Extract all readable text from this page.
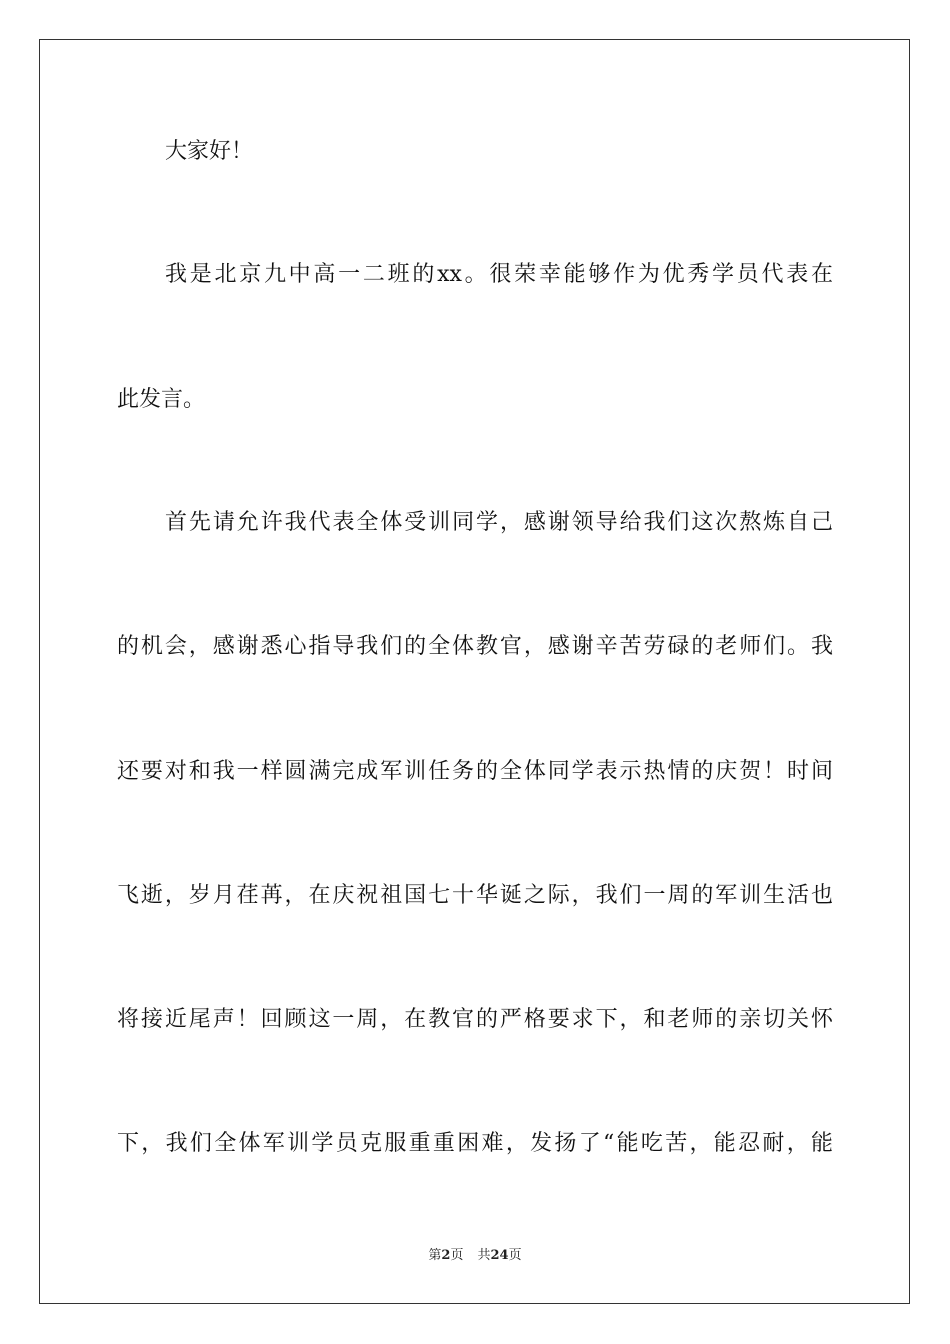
大家好！
我是北京九中高一二班的xx。很荣幸能够作为优秀学员代表在
此发言。
首先请允许我代表全体受训同学，感谢领导给我们这次熬炼自己
的机会，感谢悉心指导我们的全体教官，感谢辛苦劳碌的老师们。我
还要对和我一样圆满完成军训任务的全体同学表示热情的庆贺！时间
飞逝，岁月荏苒，在庆祝祖国七十华诞之际，我们一周的军训生活也
将接近尾声！回顾这一周，在教官的严格要求下，和老师的亲切关怀
下，我们全体军训学员克服重重困难，发扬了“能吃苦，能忍耐，能
第2页 共24页
